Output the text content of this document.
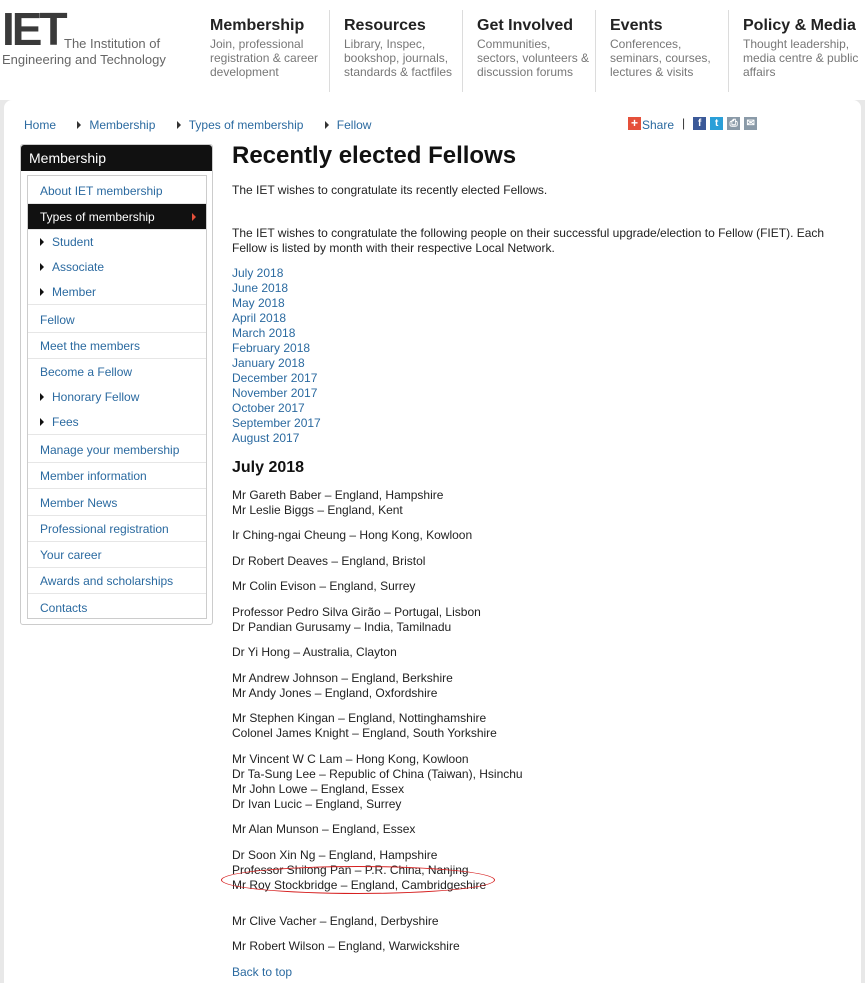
IET The Institution of
Engineering and Technology
Membership
Join, professional registration & career development
Resources
Library, Inspec, bookshop, journals, standards & factfiles
Get Involved
Communities, sectors, volunteers & discussion forums
Events
Conferences, seminars, courses, lectures & visits
Policy & Media
Thought leadership, media centre & public affairs
Home	Membership	Types of membership	Fellow	+ Share |	f	t	⎙ ✉
Membership
About IET membership
Types of membership
Student
Associate
Member
Fellow
Meet the members
Become a Fellow
Honorary Fellow
Fees
Manage your membership
Member information
Member News
Professional registration
Your career
Awards and scholarships
Contacts
Recently elected Fellows

The IET wishes to congratulate its recently elected Fellows.

The IET wishes to congratulate the following people on their successful upgrade/election to Fellow (FIET). Each Fellow is listed by month with their respective Local Network.

July 2018
June 2018
May 2018
April 2018
March 2018
February 2018
January 2018
December 2017
November 2017
October 2017
September 2017
August 2017
July 2018
Mr Gareth Baber – England, Hampshire
Mr Leslie Biggs – England, Kent
Ir Ching-ngai Cheung – Hong Kong, Kowloon
Dr Robert Deaves – England, Bristol
Mr Colin Evison – England, Surrey
Professor Pedro Silva Girão – Portugal, Lisbon
Dr Pandian Gurusamy – India, Tamilnadu
Dr Yi Hong – Australia, Clayton
Mr Andrew Johnson – England, Berkshire
Mr Andy Jones – England, Oxfordshire
Mr Stephen Kingan – England, Nottinghamshire
Colonel James Knight – England, South Yorkshire
Mr Vincent W C Lam – Hong Kong, Kowloon
Dr Ta-Sung Lee – Republic of China (Taiwan), Hsinchu
Mr John Lowe – England, Essex
Dr Ivan Lucic – England, Surrey
Mr Alan Munson – England, Essex
Dr Soon Xin Ng – England, Hampshire
Professor Shilong Pan – P.R. China, Nanjing
Mr Roy Stockbridge – England, Cambridgeshire
Mr Clive Vacher – England, Derbyshire
Mr Robert Wilson – England, Warwickshire
Back to top
